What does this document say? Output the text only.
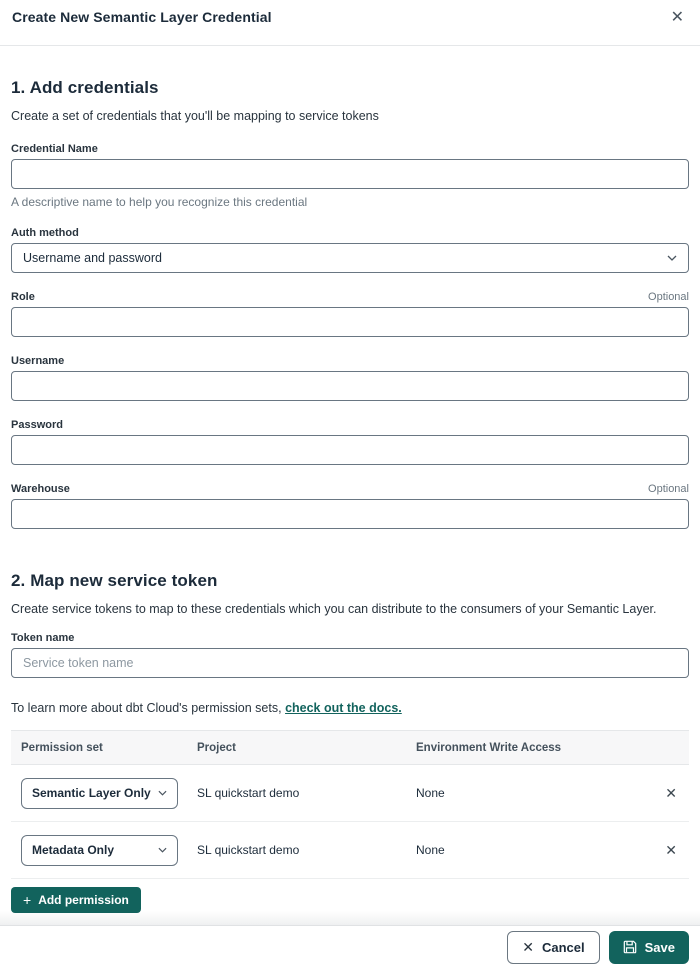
Create New Semantic Layer Credential	✕
1. Add credentials
Create a set of credentials that you'll be mapping to service tokens
Credential Name
A descriptive name to help you recognize this credential
Auth method
Username and password
Role	Optional
Username
Password
Warehouse	Optional
2. Map new service token
Create service tokens to map to these credentials which you can distribute to the consumers of your Semantic Layer.
Token name
Service token name
To learn more about dbt Cloud's permission sets, check out the docs.
Permission set	Project	Environment Write Access
Semantic Layer Only	SL quickstart demo	None	✕
Metadata Only	SL quickstart demo	None	✕
+ Add permission
✕ Cancel	Save
